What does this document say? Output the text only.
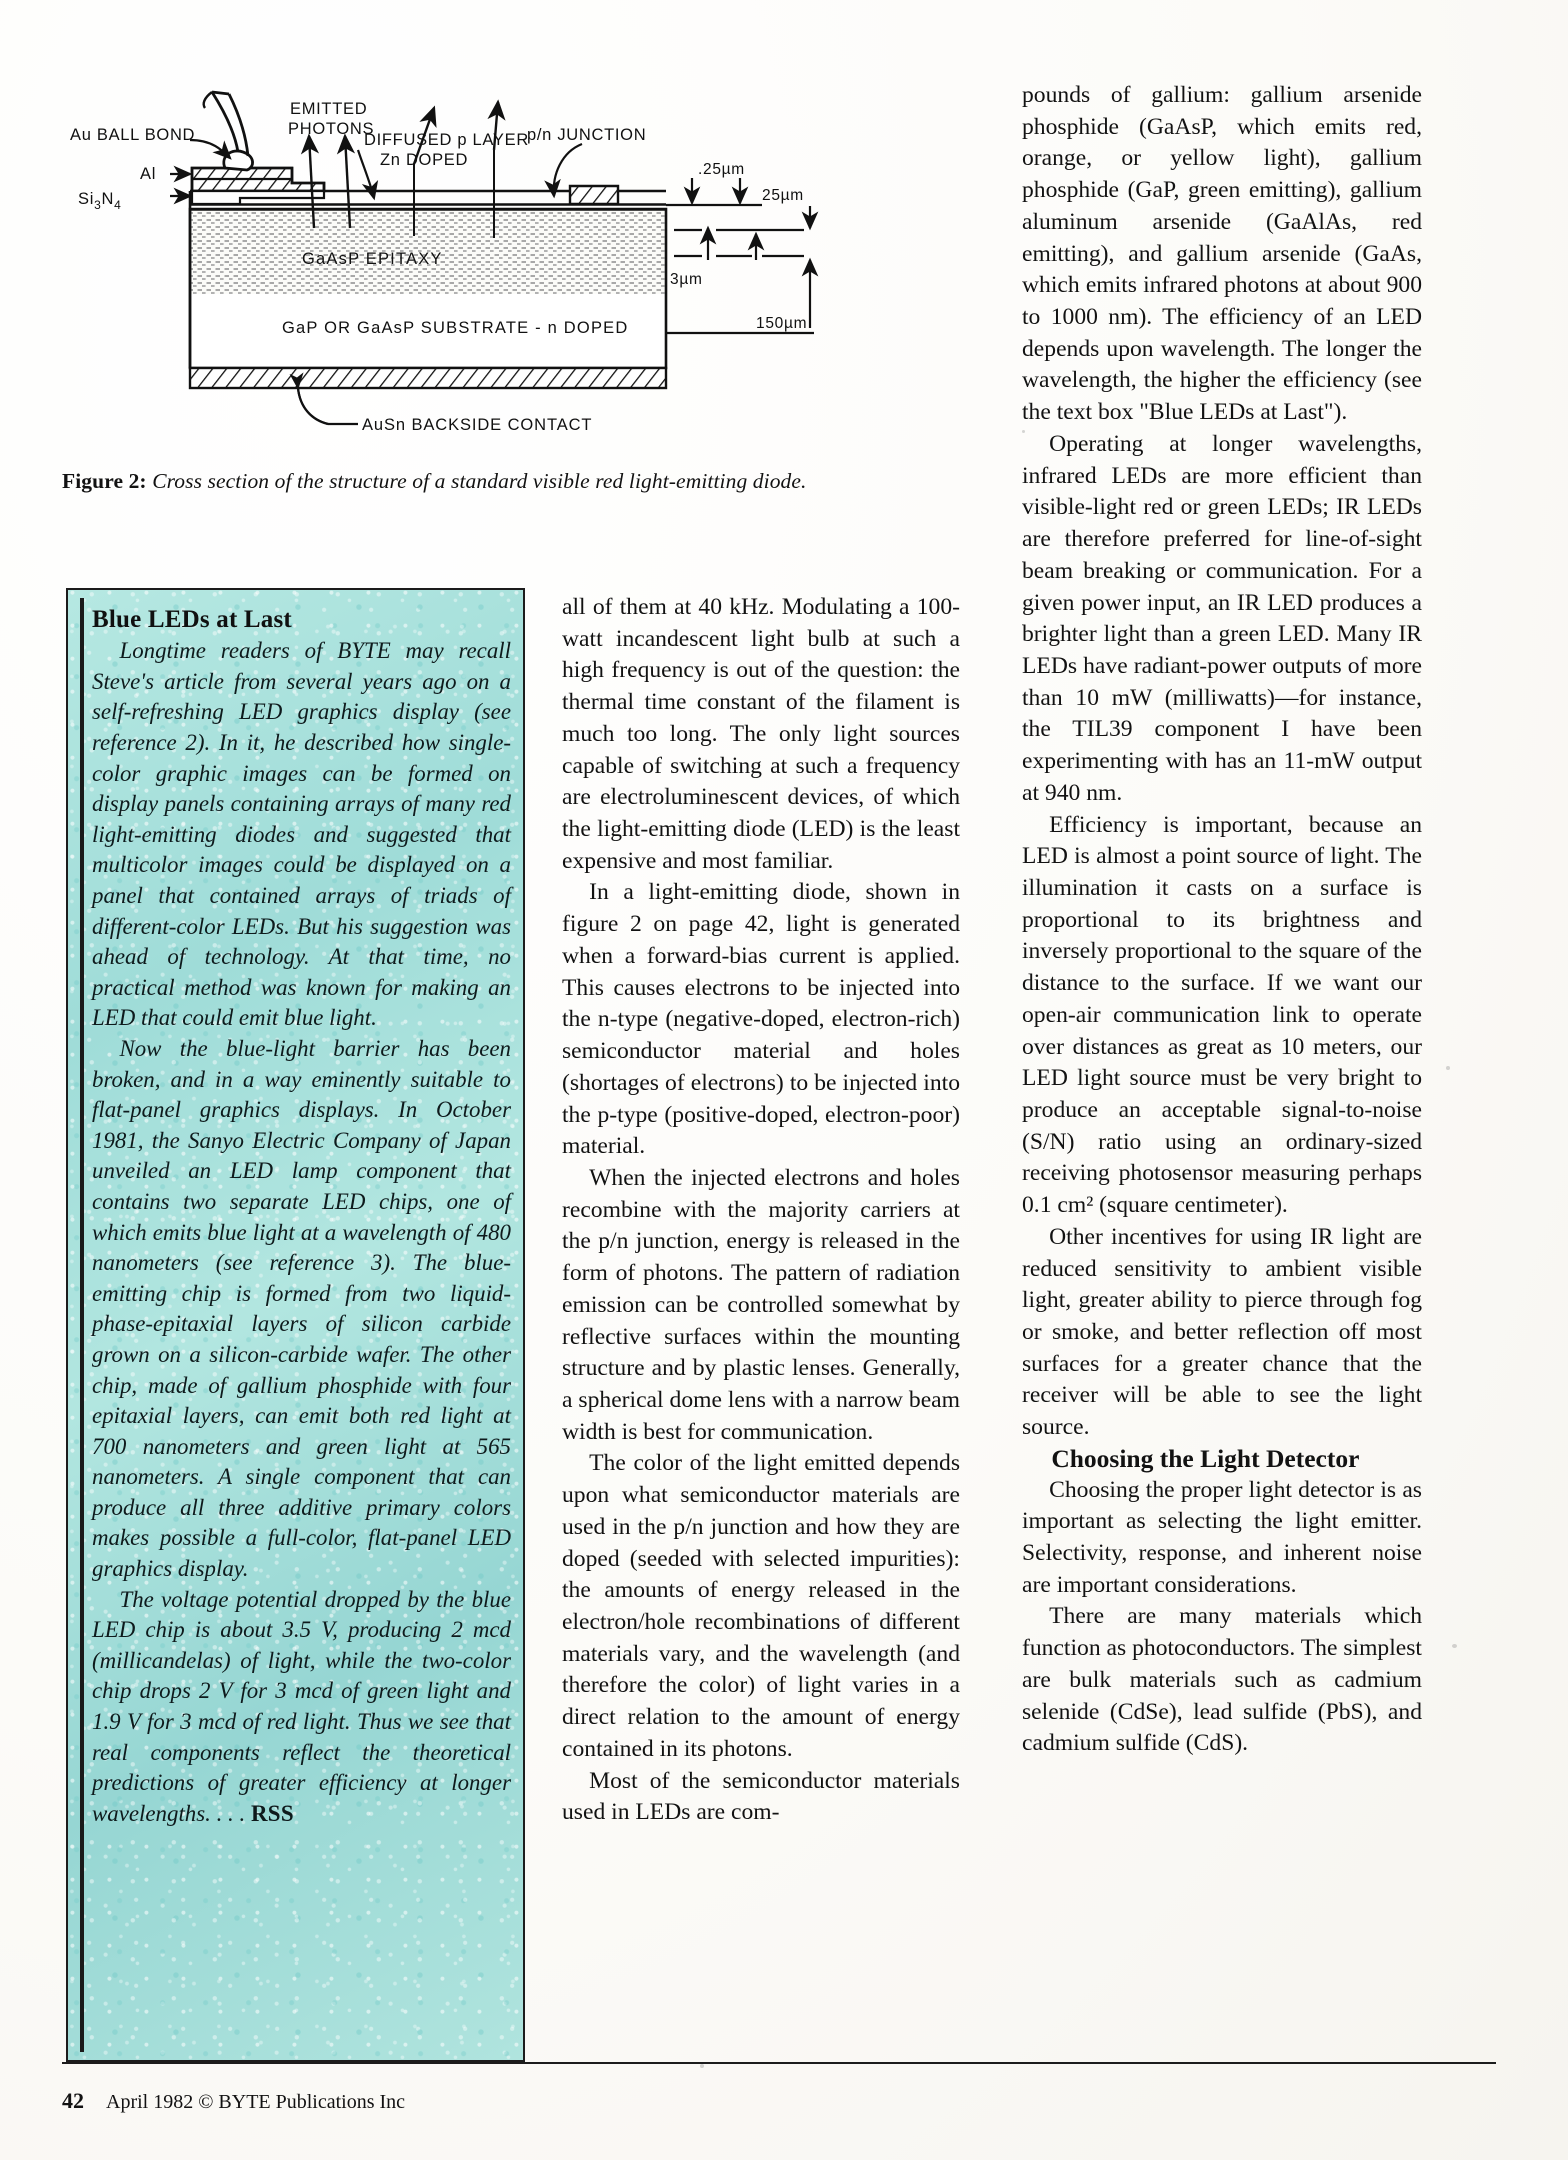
Au BALL BOND
Al
$Si_3N_4$
EMITTED
PHOTONS
DIFFUSED p LAYER
Zn DOPED
p/n JUNCTION
GaAsP EPITAXY
GaP OR GaAsP SUBSTRATE - n DOPED
AuSn BACKSIDE CONTACT
.25µm
25µm
3µm
150µm
Figure 2: Cross section of the structure of a standard visible red light-emitting diode.
Blue LEDs at Last

Longtime readers of BYTE may recall Steve's article from several years ago on a self-refreshing LED graphics display (see reference 2). In it, he described how single-color graphic images can be formed on display panels containing arrays of many red light-emitting diodes and suggested that multicolor images could be displayed on a panel that contained arrays of triads of different-color LEDs. But his suggestion was ahead of technology. At that time, no practical method was known for making an LED that could emit blue light.

Now the blue-light barrier has been broken, and in a way eminently suitable to flat-panel graphics displays. In October 1981, the Sanyo Electric Company of Japan unveiled an LED lamp component that contains two separate LED chips, one of which emits blue light at a wavelength of 480 nanometers (see reference 3). The blue-emitting chip is formed from two liquid-phase-epitaxial layers of silicon carbide grown on a silicon-carbide wafer. The other chip, made of gallium phosphide with four epitaxial layers, can emit both red light at 700 nanometers and green light at 565 nanometers. A single component that can produce all three additive primary colors makes possible a full-color, flat-panel LED graphics display.

The voltage potential dropped by the blue LED chip is about 3.5 V, producing 2 mcd (millicandelas) of light, while the two-color chip drops 2 V for 3 mcd of green light and 1.9 V for 3 mcd of red light. Thus we see that real components reflect the theoretical predictions of greater efficiency at longer wavelengths. . . . RSS

all of them at 40 kHz. Modulating a 100-watt incandescent light bulb at such a high frequency is out of the question: the thermal time constant of the filament is much too long. The only light sources capable of switching at such a frequency are electroluminescent devices, of which the light-emitting diode (LED) is the least expensive and most familiar.

In a light-emitting diode, shown in figure 2 on page 42, light is generated when a forward-bias current is applied. This causes electrons to be injected into the n-type (negative-doped, electron-rich) semiconductor material and holes (shortages of electrons) to be injected into the p-type (positive-doped, electron-poor) material.

When the injected electrons and holes recombine with the majority carriers at the p/n junction, energy is released in the form of photons. The pattern of radiation emission can be controlled somewhat by reflective surfaces within the mounting structure and by plastic lenses. Generally, a spherical dome lens with a narrow beam width is best for communication.

The color of the light emitted depends upon what semiconductor materials are used in the p/n junction and how they are doped (seeded with selected impurities): the amounts of energy released in the electron/hole recombinations of different materials vary, and the wavelength (and therefore the color) of light varies in a direct relation to the amount of energy contained in its photons.

Most of the semiconductor materials used in LEDs are com-

pounds of gallium: gallium arsenide phosphide (GaAsP, which emits red, orange, or yellow light), gallium phosphide (GaP, green emitting), gallium aluminum arsenide (GaAlAs, red emitting), and gallium arsenide (GaAs, which emits infrared photons at about 900 to 1000 nm). The efficiency of an LED depends upon wavelength. The longer the wavelength, the higher the efficiency (see the text box "Blue LEDs at Last").

Operating at longer wavelengths, infrared LEDs are more efficient than visible-light red or green LEDs; IR LEDs are therefore preferred for line-of-sight beam breaking or communication. For a given power input, an IR LED produces a brighter light than a green LED. Many IR LEDs have radiant-power outputs of more than 10 mW (milliwatts)—for instance, the TIL39 component I have been experimenting with has an 11-mW output at 940 nm.

Efficiency is important, because an LED is almost a point source of light. The illumination it casts on a surface is proportional to its brightness and inversely proportional to the square of the distance to the surface. If we want our open-air communication link to operate over distances as great as 10 meters, our LED light source must be very bright to produce an acceptable signal-to-noise (S/N) ratio using an ordinary-sized receiving photosensor measuring perhaps 0.1 cm² (square centimeter).

Other incentives for using IR light are reduced sensitivity to ambient visible light, greater ability to pierce through fog or smoke, and better reflection off most surfaces for a greater chance that the receiver will be able to see the light source.

Choosing the Light Detector

Choosing the proper light detector is as important as selecting the light emitter. Selectivity, response, and inherent noise are important considerations.

There are many materials which function as photoconductors. The simplest are bulk materials such as cadmium selenide (CdSe), lead sulfide (PbS), and cadmium sulfide (CdS).

42 April 1982 © BYTE Publications Inc
